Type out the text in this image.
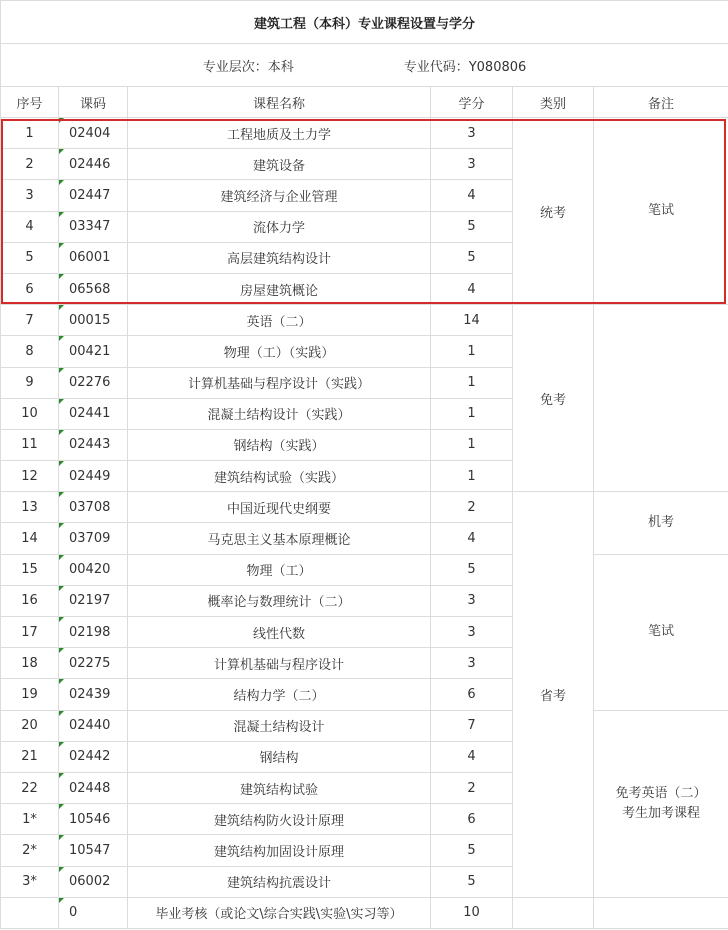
建筑工程（本科）专业课程设置与学分					
专业层次：本科 专业代码：Y080806					
序号	课码	课程名称	学分	类别	备注
1	02404	工程地质及土力学	3	统考	笔试

2	02446	建筑设备	3		
3	02447	建筑经济与企业管理	4		
4	03347	流体力学	5		
5	06001	高层建筑结构设计	5		
6	06568	房屋建筑概论	4		
7	00015	英语（二）	14	免考	
8	00421	物理（工）（实践）	1		
9	02276	计算机基础与程序设计（实践）	1		
10	02441	混凝土结构设计（实践）	1		
11	02443	钢结构（实践）	1		
12	02449	建筑结构试验（实践）	1		
13	03708	中国近现代史纲要	2	省考	机考

14	03709	马克思主义基本原理概论	4		
15	00420	物理（工）	5		笔试

16	02197	概率论与数理统计（二）	3		
17	02198	线性代数	3		
18	02275	计算机基础与程序设计	3		
19	02439	结构力学（二）	6		
20	02440	混凝土结构设计	7		免考英语（二）
考生加考课程

21	02442	钢结构	4		
22	02448	建筑结构试验	2		
1*	10546	建筑结构防火设计原理	6		
2*	10547	建筑结构加固设计原理	5		
3*	06002	建筑结构抗震设计	5		
	0	毕业考核（或论文\综合实践\实验\实习等）	10		
